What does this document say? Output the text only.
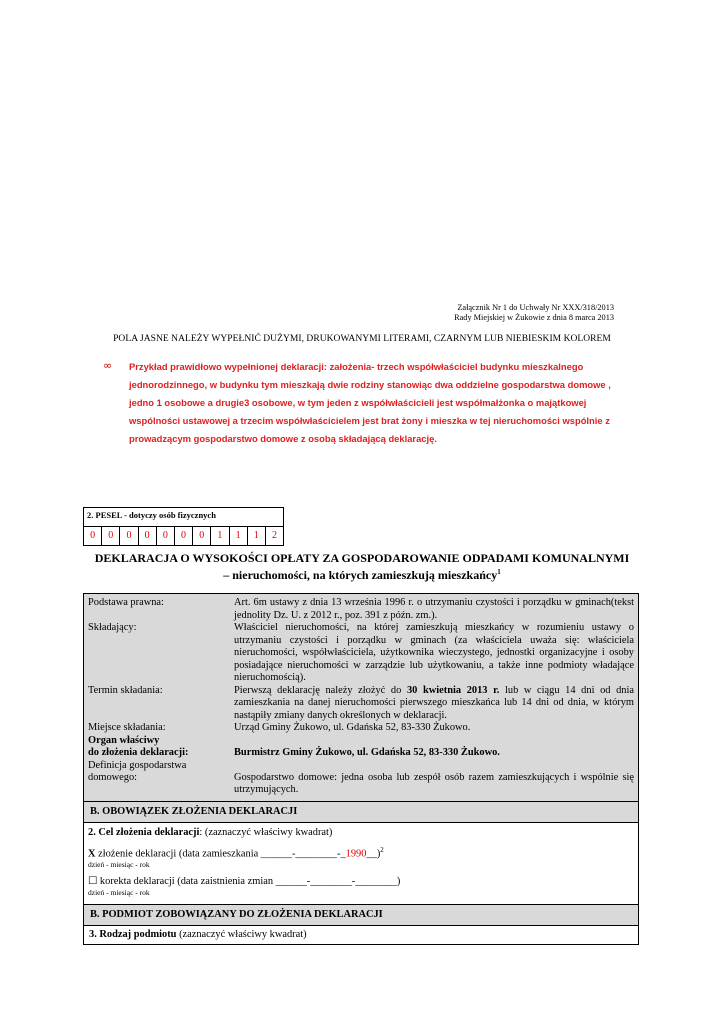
Załącznik Nr 1 do Uchwały Nr XXX/318/2013
Rady Miejskiej w Żukowie z dnia 8 marca 2013
POLA JASNE NALEŻY WYPEŁNIĆ DUŻYMI, DRUKOWANYMI LITERAMI, CZARNYM LUB NIEBIESKIM KOLOREM
∞ Przykład prawidłowo wypełnionej deklaracji: założenia- trzech współwłaściciel budynku mieszkalnego jednorodzinnego, w budynku tym mieszkają dwie rodziny stanowiąc dwa oddzielne gospodarstwa domowe , jedno 1 osobowe a drugie3 osobowe, w tym jeden z współwłaścicieli jest współmałżonka o majątkowej wspólności ustawowej a trzecim współwłaścicielem jest brat żony i mieszka w tej nieruchomości wspólnie z prowadzącym gospodarstwo domowe z osobą składającą deklarację.
2. PESEL - dotyczy osób fizycznych
0	0	0	0	0	0	0	1	1	1	2
DEKLARACJA O WYSOKOŚCI OPŁATY ZA GOSPODAROWANIE ODPADAMI KOMUNALNYMI
– nieruchomości, na których zamieszkują mieszkańcy$^1$
Podstawa prawna:	Art. 6m ustawy z dnia 13 września 1996 r. o utrzymaniu czystości i porządku w gminach(tekst jednolity Dz. U. z 2012 r., poz. 391 z późn. zm.).
Składający:	Właściciel nieruchomości, na której zamieszkują mieszkańcy w rozumieniu ustawy o utrzymaniu czystości i porządku w gminach (za właściciela uważa się: właściciela nieruchomości, współwłaściciela, użytkownika wieczystego, jednostki organizacyjne i osoby posiadające nieruchomości w zarządzie lub użytkowaniu, a także inne podmioty władające nieruchomością).
Termin składania:	Pierwszą deklarację należy złożyć do 30 kwietnia 2013 r. lub w ciągu 14 dni od dnia zamieszkania na danej nieruchomości pierwszego mieszkańca lub 14 dni od dnia, w którym nastąpiły zmiany danych określonych w deklaracji.
Miejsce składania:	Urząd Gminy Żukowo, ul. Gdańska 52, 83-330 Żukowo.
Organ właściwy
do złożenia deklaracji:	Burmistrz Gminy Żukowo, ul. Gdańska 52, 83-330 Żukowo.
Definicja gospodarstwa
domowego:	Gospodarstwo domowe: jedna osoba lub zespół osób razem zamieszkujących i wspólnie się utrzymujących.
B. OBOWIĄZEK ZŁOŻENIA DEKLARACJI
2. Cel złożenia deklaracji: (zaznaczyć właściwy kwadrat)
X złożenie deklaracji (data zamieszkania ______-________-_1990__)$^2$
dzień - miesiąc - rok
☐ korekta deklaracji (data zaistnienia zmian ______-________-________)
dzień - miesiąc - rok
B. PODMIOT ZOBOWIĄZANY DO ZŁOŻENIA DEKLARACJI
3. Rodzaj podmiotu (zaznaczyć właściwy kwadrat)
